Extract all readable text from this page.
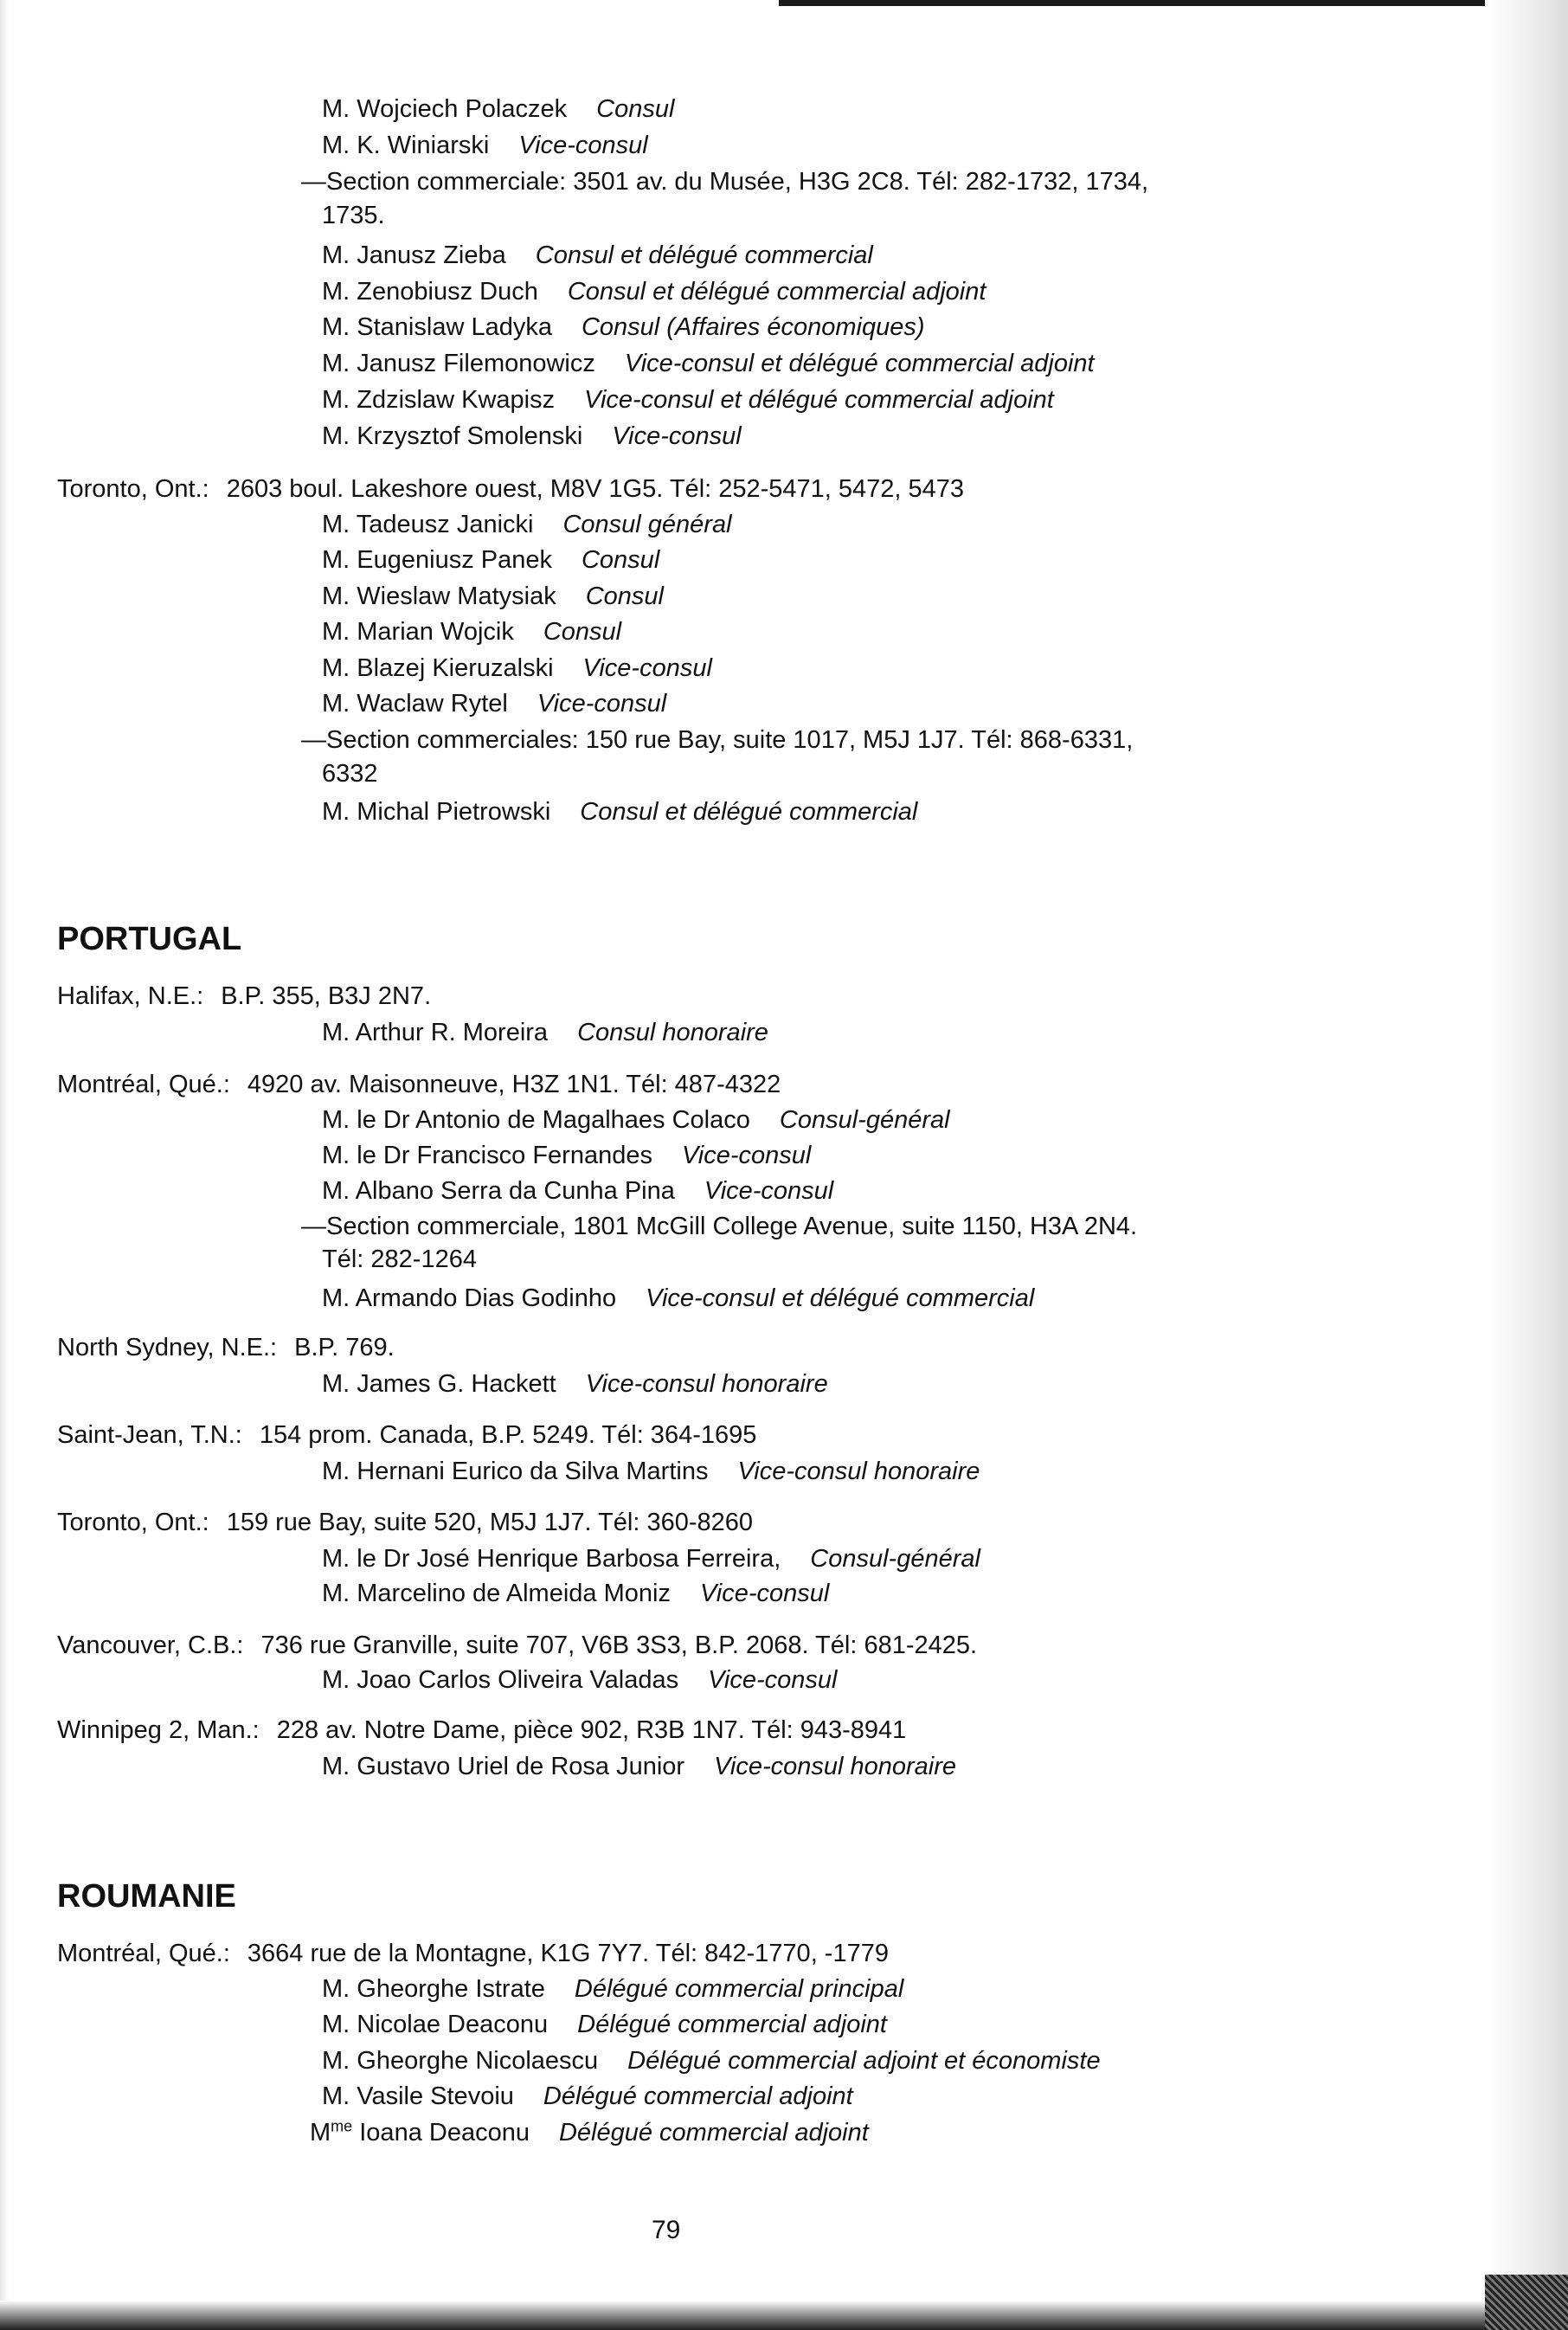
M. Wojciech Polaczek Consul
M. K. Winiarski Vice-consul
—Section commerciale: 3501 av. du Musée, H3G 2C8. Tél: 282-1732, 1734,
1735.
M. Janusz Zieba Consul et délégué commercial
M. Zenobiusz Duch Consul et délégué commercial adjoint
M. Stanislaw Ladyka Consul (Affaires économiques)
M. Janusz Filemonowicz Vice-consul et délégué commercial adjoint
M. Zdzislaw Kwapisz Vice-consul et délégué commercial adjoint
M. Krzysztof Smolenski Vice-consul
Toronto, Ont.: 2603 boul. Lakeshore ouest, M8V 1G5. Tél: 252-5471, 5472, 5473
M. Tadeusz Janicki Consul général
M. Eugeniusz Panek Consul
M. Wieslaw Matysiak Consul
M. Marian Wojcik Consul
M. Blazej Kieruzalski Vice-consul
M. Waclaw Rytel Vice-consul
—Section commerciales: 150 rue Bay, suite 1017, M5J 1J7. Tél: 868-6331,
6332
M. Michal Pietrowski Consul et délégué commercial
PORTUGAL
Halifax, N.E.: B.P. 355, B3J 2N7.
M. Arthur R. Moreira Consul honoraire
Montréal, Qué.: 4920 av. Maisonneuve, H3Z 1N1. Tél: 487-4322
M. le Dr Antonio de Magalhaes Colaco Consul-général
M. le Dr Francisco Fernandes Vice-consul
M. Albano Serra da Cunha Pina Vice-consul
—Section commerciale, 1801 McGill College Avenue, suite 1150, H3A 2N4.
Tél: 282-1264
M. Armando Dias Godinho Vice-consul et délégué commercial
North Sydney, N.E.: B.P. 769.
M. James G. Hackett Vice-consul honoraire
Saint-Jean, T.N.: 154 prom. Canada, B.P. 5249. Tél: 364-1695
M. Hernani Eurico da Silva Martins Vice-consul honoraire
Toronto, Ont.: 159 rue Bay, suite 520, M5J 1J7. Tél: 360-8260
M. le Dr José Henrique Barbosa Ferreira, Consul-général
M. Marcelino de Almeida Moniz Vice-consul
Vancouver, C.B.: 736 rue Granville, suite 707, V6B 3S3, B.P. 2068. Tél: 681-2425.
M. Joao Carlos Oliveira Valadas Vice-consul
Winnipeg 2, Man.: 228 av. Notre Dame, pièce 902, R3B 1N7. Tél: 943-8941
M. Gustavo Uriel de Rosa Junior Vice-consul honoraire
ROUMANIE
Montréal, Qué.: 3664 rue de la Montagne, K1G 7Y7. Tél: 842-1770, -1779
M. Gheorghe Istrate Délégué commercial principal
M. Nicolae Deaconu Délégué commercial adjoint
M. Gheorghe Nicolaescu Délégué commercial adjoint et économiste
M. Vasile Stevoiu Délégué commercial adjoint
$M^{me}$ Ioana Deaconu Délégué commercial adjoint
79
